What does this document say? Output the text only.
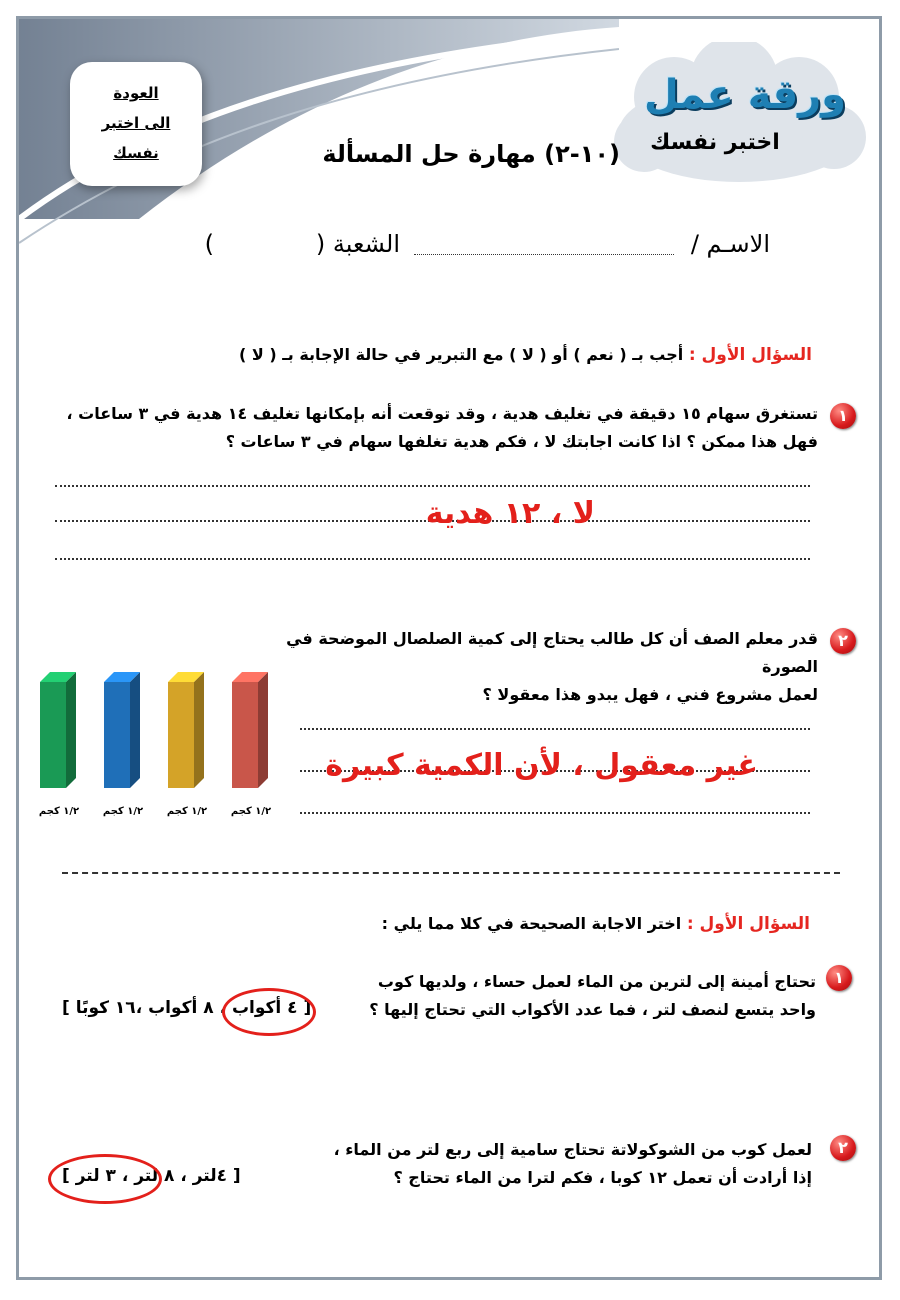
العودة
الى اختبر
نفسك
ورقة عمل
اختبر نفسك
(١٠-٢) مهارة حل المسألة
الاسـم /
الشعبة (
)
السؤال الأول : أجب بـ ( نعم ) أو ( لا ) مع التبرير في حالة الإجابة بـ ( لا )
١
تستغرق سهام ١٥ دقيقة في تغليف هدية ، وقد توقعت أنه بإمكانها تغليف ١٤ هدية في ٣ ساعات ،
فهل هذا ممكن ؟ اذا كانت اجابتك لا ، فكم هدية تغلفها سهام في ٣ ساعات ؟
لا ، ١٢ هدية
٢
قدر معلم الصف أن كل طالب يحتاج إلى كمية الصلصال الموضحة في الصورة
لعمل مشروع فني ، فهل يبدو هذا معقولا ؟
١/٢ كجم	١/٢ كجم	١/٢ كجم	١/٢ كجم
غير معقول ، لأن الكمية كبيرة
السؤال الأول : اختر الاجابة الصحيحة في كلا مما يلي :
١
تحتاج أمينة إلى لترين من الماء لعمل حساء ، ولديها كوب
واحد يتسع لنصف لتر ، فما عدد الأكواب التي تحتاج إليها ؟
[ ٤ أكواب ، ٨ أكواب ،١٦ كوبًا ]
٢
لعمل كوب من الشوكولاتة تحتاج سامية إلى ربع لتر من الماء ،
إذا أرادت أن تعمل ١٢ كوبا ، فكم لترا من الماء تحتاج ؟
[ ٤لتر ، ٨ لتر ، ٣ لتر ]
